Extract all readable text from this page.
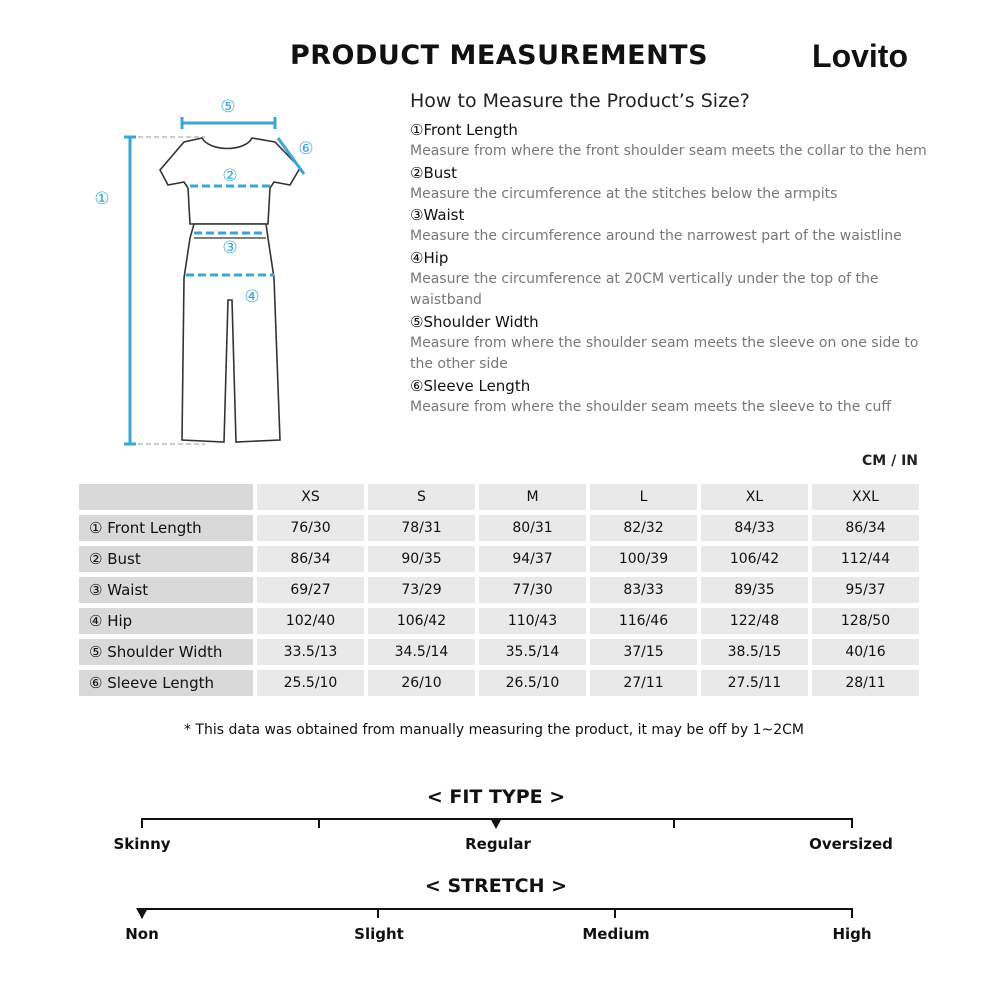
PRODUCT MEASUREMENTS	Lovito
①
②
③
④
⑤
⑥
How to Measure the Product’s Size?
①Front Length
Measure from where the front shoulder seam meets the collar to the hem
②Bust
Measure the circumference at the stitches below the armpits
③Waist
Measure the circumference around the narrowest part of the waistline
④Hip
Measure the circumference at 20CM vertically under the top of the waistband
⑤Shoulder Width
Measure from where the shoulder seam meets the sleeve on one side to the other side
⑥Sleeve Length
Measure from where the shoulder seam meets the sleeve to the cuff
CM / IN
	XS	S	M	L	XL	XXL
① Front Length	76/30	78/31	80/31	82/32	84/33	86/34
② Bust	86/34	90/35	94/37	100/39	106/42	112/44
③ Waist	69/27	73/29	77/30	83/33	89/35	95/37
④ Hip	102/40	106/42	110/43	116/46	122/48	128/50
⑤ Shoulder Width	33.5/13	34.5/14	35.5/14	37/15	38.5/15	40/16
⑥ Sleeve Length	25.5/10	26/10	26.5/10	27/11	27.5/11	28/11
* This data was obtained from manually measuring the product, it may be off by 1~2CM
< FIT TYPE >
Skinny	Regular	Oversized
< STRETCH >
Non	Slight	Medium	High
